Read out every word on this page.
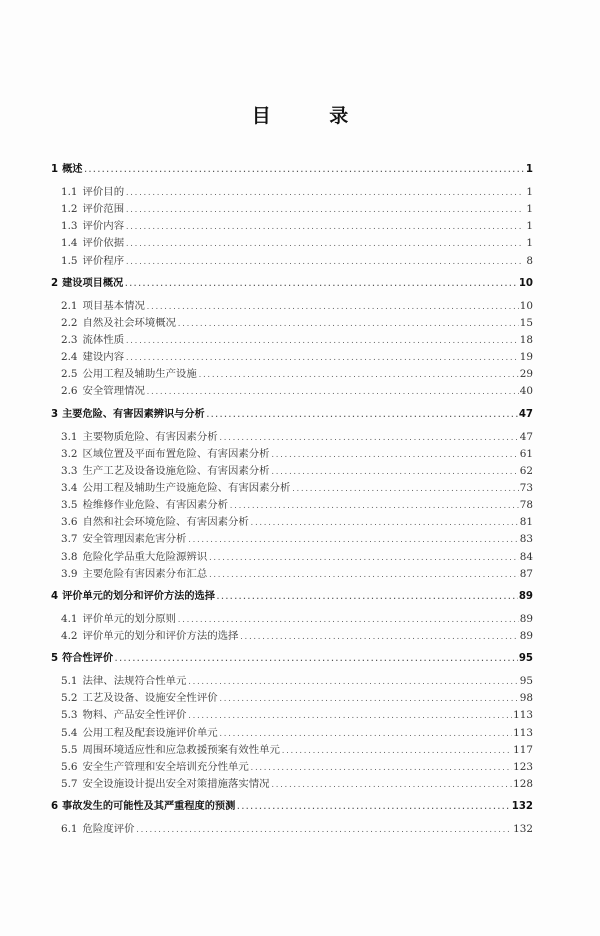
目 录
1 概述 .....	1
1.1 评价目的 .....	1
1.2 评价范围 .....	1
1.3 评价内容 .....	1
1.4 评价依据 .....	1
1.5 评价程序 .....	8
2 建设项目概况 .....	10
2.1 项目基本情况 .....	10
2.2 自然及社会环境概况 .....	15
2.3 流体性质 .....	18
2.4 建设内容 .....	19
2.5 公用工程及辅助生产设施 .....	29
2.6 安全管理情况 .....	40
3 主要危险、有害因素辨识与分析 .....	47
3.1 主要物质危险、有害因素分析 .....	47
3.2 区域位置及平面布置危险、有害因素分析 .....	61
3.3 生产工艺及设备设施危险、有害因素分析 .....	62
3.4 公用工程及辅助生产设施危险、有害因素分析 .....	73
3.5 检维修作业危险、有害因素分析 .....	78
3.6 自然和社会环境危险、有害因素分析 .....	81
3.7 安全管理因素危害分析 .....	83
3.8 危险化学品重大危险源辨识 .....	84
3.9 主要危险有害因素分布汇总 .....	87
4 评价单元的划分和评价方法的选择 .....	89
4.1 评价单元的划分原则 .....	89
4.2 评价单元的划分和评价方法的选择 .....	89
5 符合性评价 .....	95
5.1 法律、法规符合性单元 .....	95
5.2 工艺及设备、设施安全性评价 .....	98
5.3 物料、产品安全性评价 .....	113
5.4 公用工程及配套设施评价单元 .....	113
5.5 周围环境适应性和应急救援预案有效性单元 .....	117
5.6 安全生产管理和安全培训充分性单元 .....	123
5.7 安全设施设计提出安全对策措施落实情况 .....	128
6 事故发生的可能性及其严重程度的预测 .....	132
6.1 危险度评价 .....	132
